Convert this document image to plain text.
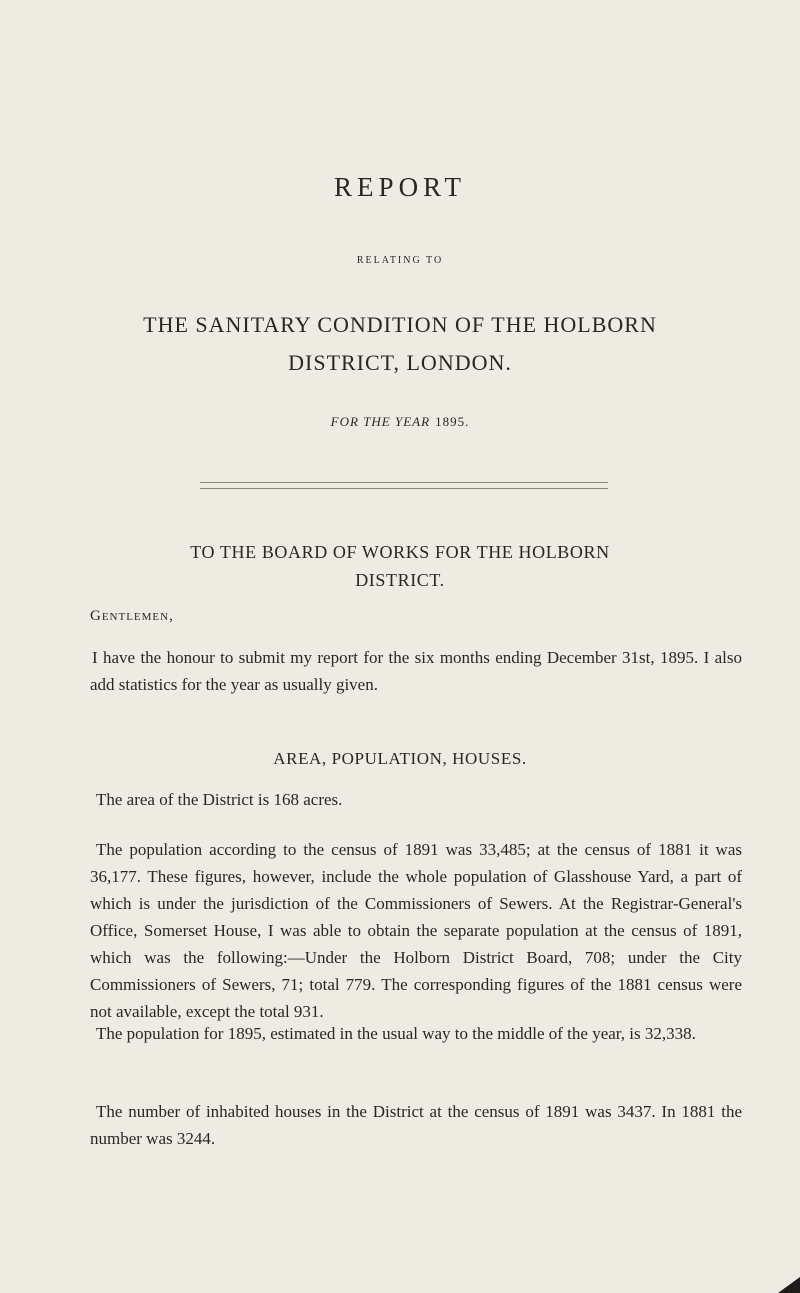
REPORT
RELATING TO
THE SANITARY CONDITION OF THE HOLBORN
DISTRICT, LONDON.
FOR THE YEAR 1895.
TO THE BOARD OF WORKS FOR THE HOLBORN
DISTRICT.
Gentlemen,
I have the honour to submit my report for the six months ending December 31st, 1895. I also add statistics for the year as usually given.
AREA, POPULATION, HOUSES.
The area of the District is 168 acres.
The population according to the census of 1891 was 33,485; at the census of 1881 it was 36,177. These figures, however, include the whole population of Glasshouse Yard, a part of which is under the jurisdiction of the Commissioners of Sewers. At the Registrar-General's Office, Somerset House, I was able to obtain the separate population at the census of 1891, which was the following:—Under the Holborn District Board, 708; under the City Commissioners of Sewers, 71; total 779. The corresponding figures of the 1881 census were not available, except the total 931.
The population for 1895, estimated in the usual way to the middle of the year, is 32,338.
The number of inhabited houses in the District at the census of 1891 was 3437. In 1881 the number was 3244.
